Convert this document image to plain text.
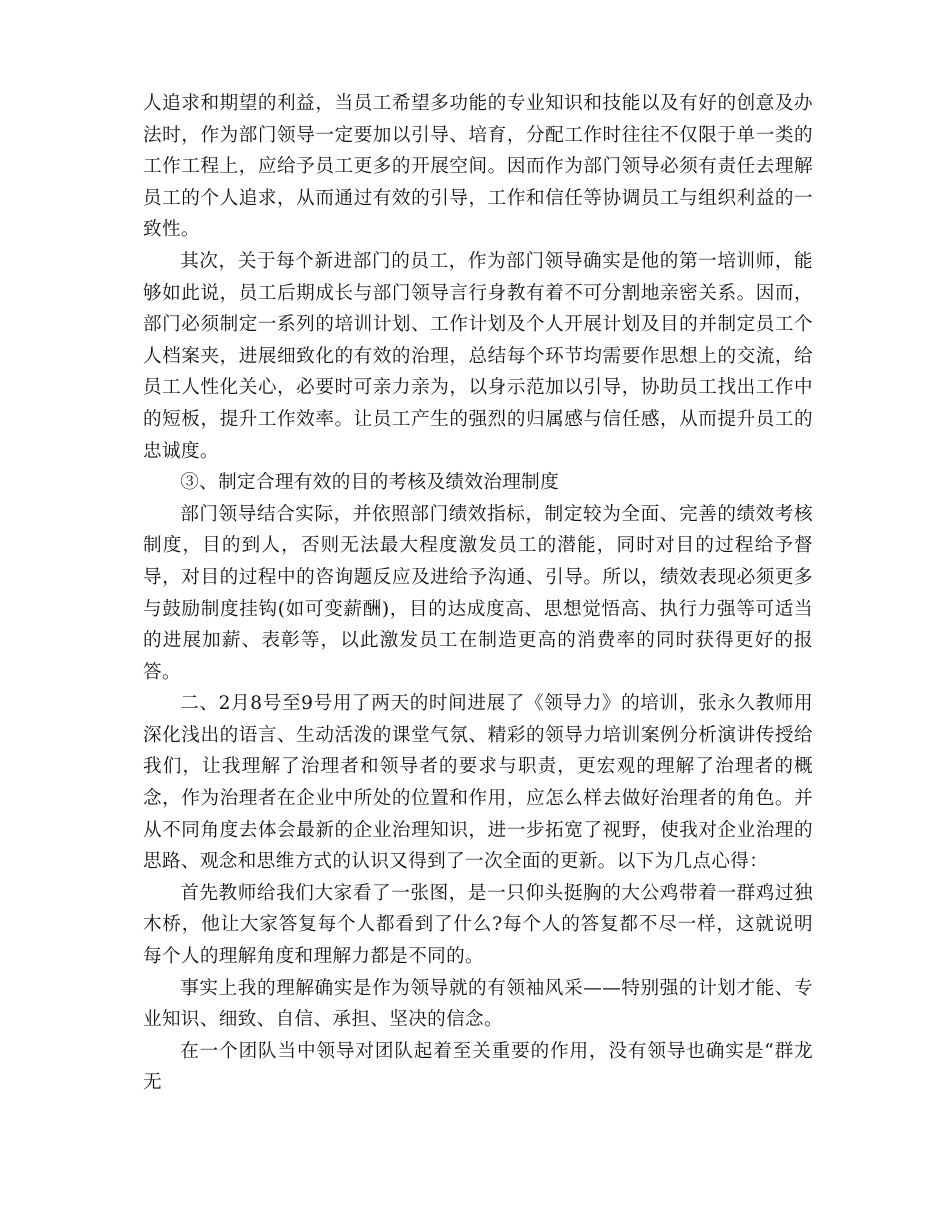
人追求和期望的利益，当员工希望多功能的专业知识和技能以及有好的创意及办法时，作为部门领导一定要加以引导、培育，分配工作时往往不仅限于单一类的工作工程上，应给予员工更多的开展空间。因而作为部门领导必须有责任去理解员工的个人追求，从而通过有效的引导，工作和信任等协调员工与组织利益的一致性。

其次，关于每个新进部门的员工，作为部门领导确实是他的第一培训师，能够如此说，员工后期成长与部门领导言行身教有着不可分割地亲密关系。因而，部门必须制定一系列的培训计划、工作计划及个人开展计划及目的并制定员工个人档案夹，进展细致化的有效的治理，总结每个环节均需要作思想上的交流，给员工人性化关心，必要时可亲力亲为，以身示范加以引导，协助员工找出工作中的短板，提升工作效率。让员工产生的强烈的归属感与信任感，从而提升员工的忠诚度。

③、制定合理有效的目的考核及绩效治理制度

部门领导结合实际，并依照部门绩效指标，制定较为全面、完善的绩效考核制度，目的到人，否则无法最大程度激发员工的潜能，同时对目的过程给予督导，对目的过程中的咨询题反应及进给予沟通、引导。所以，绩效表现必须更多与鼓励制度挂钩(如可变薪酬)，目的达成度高、思想觉悟高、执行力强等可适当的进展加薪、表彰等，以此激发员工在制造更高的消费率的同时获得更好的报答。

二、2月8号至9号用了两天的时间进展了《领导力》的培训，张永久教师用深化浅出的语言、生动活泼的课堂气氛、精彩的领导力培训案例分析演讲传授给我们，让我理解了治理者和领导者的要求与职责，更宏观的理解了治理者的概念，作为治理者在企业中所处的位置和作用，应怎么样去做好治理者的角色。并从不同角度去体会最新的企业治理知识，进一步拓宽了视野，使我对企业治理的思路、观念和思维方式的认识又得到了一次全面的更新。以下为几点心得：

首先教师给我们大家看了一张图，是一只仰头挺胸的大公鸡带着一群鸡过独木桥，他让大家答复每个人都看到了什么?每个人的答复都不尽一样，这就说明每个人的理解角度和理解力都是不同的。

事实上我的理解确实是作为领导就的有领袖风采——特别强的计划才能、专业知识、细致、自信、承担、坚决的信念。

在一个团队当中领导对团队起着至关重要的作用，没有领导也确实是“群龙无
